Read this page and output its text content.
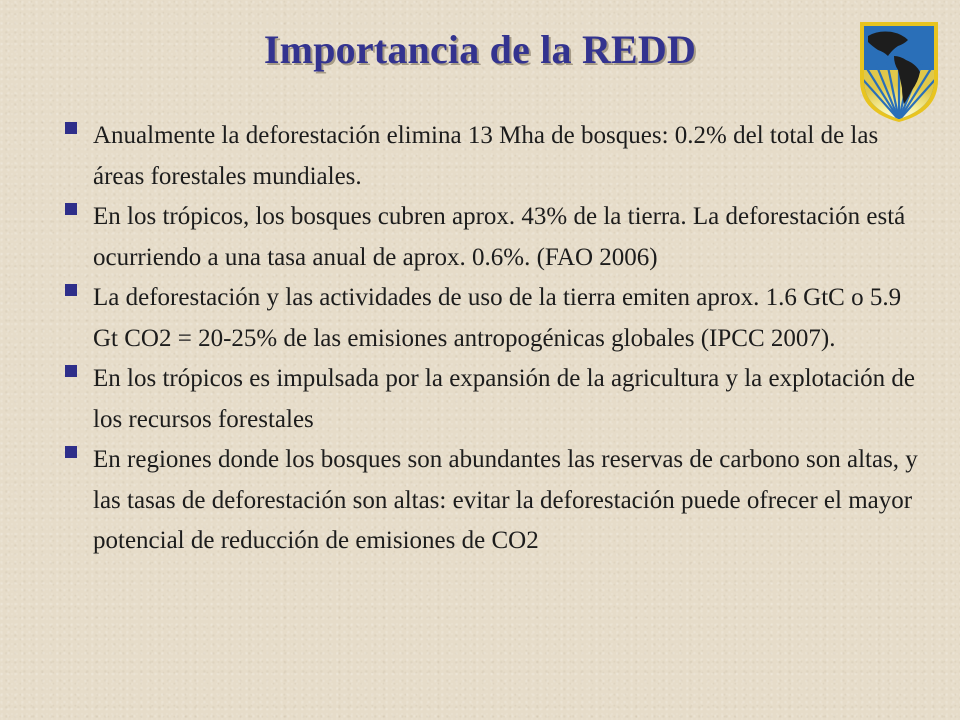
Importancia de la REDD
Anualmente la deforestación elimina 13 Mha de bosques: 0.2% del total de las áreas forestales mundiales.
En los trópicos, los bosques cubren aprox. 43% de la tierra. La deforestación está ocurriendo a una tasa anual de aprox. 0.6%. (FAO 2006)
La deforestación y las actividades de uso de la tierra emiten aprox. 1.6 GtC o 5.9 Gt CO2 = 20-25% de las emisiones antropogénicas globales (IPCC 2007).
En los trópicos es impulsada por la expansión de la agricultura y la explotación de los recursos forestales
En regiones donde los bosques son abundantes las reservas de carbono son altas, y las tasas de deforestación son altas: evitar la deforestación puede ofrecer el mayor potencial de reducción de emisiones de CO2
